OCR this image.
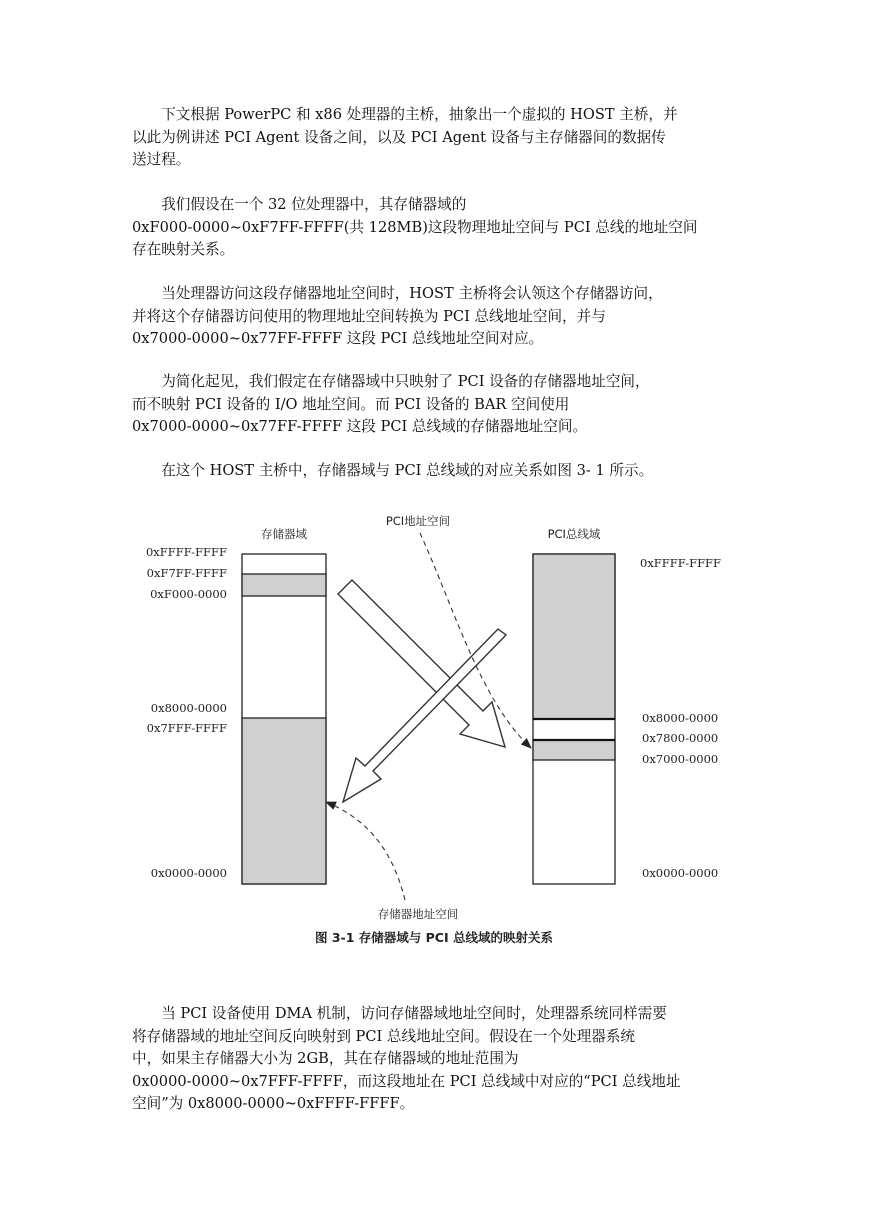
　　下文根据 PowerPC 和 x86 处理器的主桥，抽象出一个虚拟的 HOST 主桥，并
以此为例讲述 PCI Agent 设备之间，以及 PCI Agent 设备与主存储器间的数据传
送过程。

　　我们假设在一个 32 位处理器中，其存储器域的
0xF000-0000~0xF7FF-FFFF(共 128MB)这段物理地址空间与 PCI 总线的地址空间
存在映射关系。

　　当处理器访问这段存储器地址空间时，HOST 主桥将会认领这个存储器访问，
并将这个存储器访问使用的物理地址空间转换为 PCI 总线地址空间，并与
0x7000-0000~0x77FF-FFFF 这段 PCI 总线地址空间对应。

　　为简化起见，我们假定在存储器域中只映射了 PCI 设备的存储器地址空间，
而不映射 PCI 设备的 I/O 地址空间。而 PCI 设备的 BAR 空间使用
0x7000-0000~0x77FF-FFFF 这段 PCI 总线域的存储器地址空间。

　　在这个 HOST 主桥中，存储器域与 PCI 总线域的对应关系如图 3- 1 所示。

存储器域
0xFFFF-FFFF
0xF7FF-FFFF
0xF000-0000
0x8000-0000
0x7FFF-FFFF
0x0000-0000
PCI总线域
0xFFFF-FFFF
0x8000-0000
0x7800-0000
0x7000-0000
0x0000-0000
PCI地址空间
存储器地址空间
图 3-1 存储器域与 PCI 总线域的映射关系

　　当 PCI 设备使用 DMA 机制，访问存储器域地址空间时，处理器系统同样需要
将存储器域的地址空间反向映射到 PCI 总线地址空间。假设在一个处理器系统
中，如果主存储器大小为 2GB，其在存储器域的地址范围为
0x0000-0000~0x7FFF-FFFF，而这段地址在 PCI 总线域中对应的“PCI 总线地址
空间”为 0x8000-0000~0xFFFF-FFFF。
